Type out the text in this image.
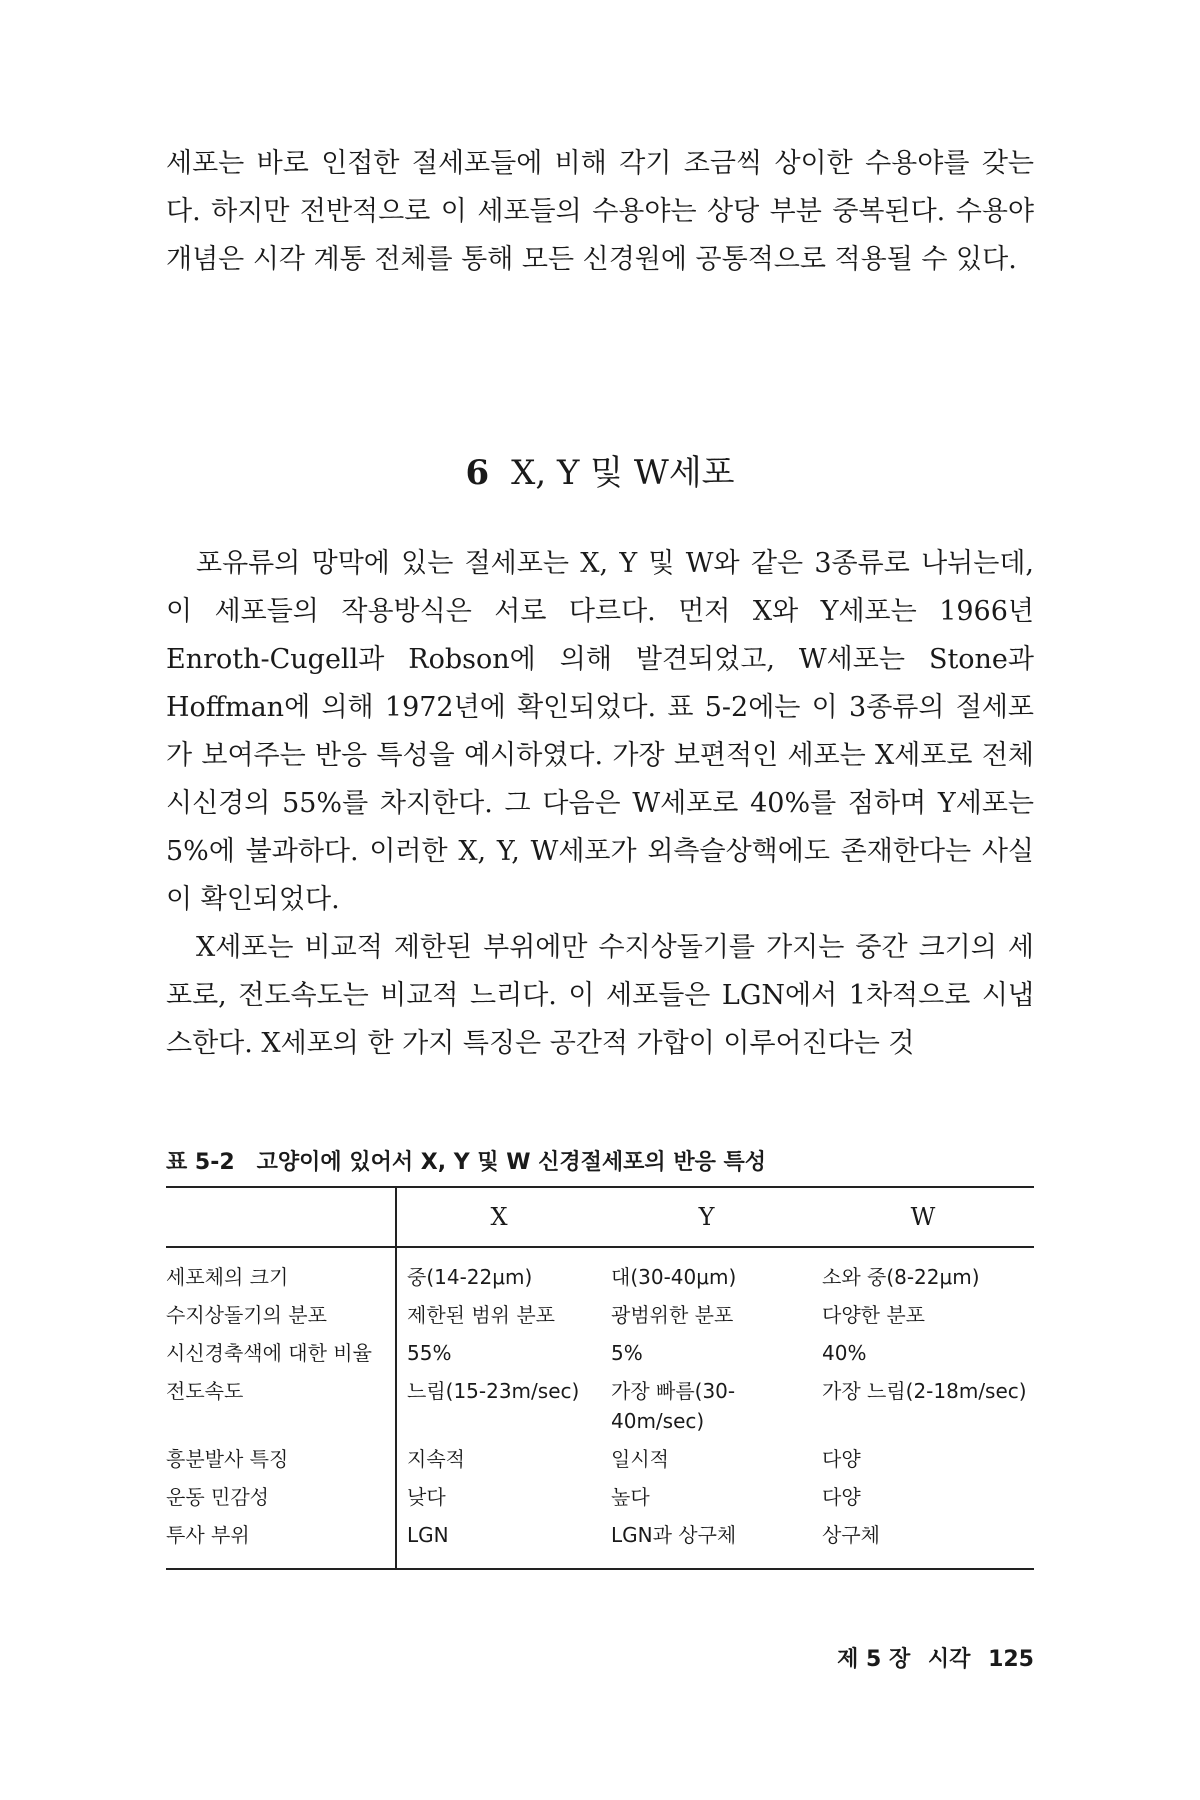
세포는 바로 인접한 절세포들에 비해 각기 조금씩 상이한 수용야를 갖는다. 하지만 전반적으로 이 세포들의 수용야는 상당 부분 중복된다. 수용야 개념은 시각 계통 전체를 통해 모든 신경원에 공통적으로 적용될 수 있다.

6 X, Y 및 W세포

포유류의 망막에 있는 절세포는 X, Y 및 W와 같은 3종류로 나뉘는데, 이 세포들의 작용방식은 서로 다르다. 먼저 X와 Y세포는 1966년 Enroth-Cugell과 Robson에 의해 발견되었고, W세포는 Stone과 Hoffman에 의해 1972년에 확인되었다. 표 5-2에는 이 3종류의 절세포가 보여주는 반응 특성을 예시하였다. 가장 보편적인 세포는 X세포로 전체 시신경의 55%를 차지한다. 그 다음은 W세포로 40%를 점하며 Y세포는 5%에 불과하다. 이러한 X, Y, W세포가 외측슬상핵에도 존재한다는 사실이 확인되었다.

X세포는 비교적 제한된 부위에만 수지상돌기를 가지는 중간 크기의 세포로, 전도속도는 비교적 느리다. 이 세포들은 LGN에서 1차적으로 시냅스한다. X세포의 한 가지 특징은 공간적 가합이 이루어진다는 것

표 5-2 고양이에 있어서 X, Y 및 W 신경절세포의 반응 특성

	X	Y	W
세포체의 크기	중(14-22μm)	대(30-40μm)	소와 중(8-22μm)
수지상돌기의 분포	제한된 범위 분포	광범위한 분포	다양한 분포
시신경축색에 대한 비율	55%	5%	40%
전도속도	느림(15-23m/sec)	가장 빠름(30-40m/sec)	가장 느림(2-18m/sec)
흥분발사 특징	지속적	일시적	다양
운동 민감성	낮다	높다	다양
투사 부위	LGN	LGN과 상구체	상구체
제 5 장 시각 125
